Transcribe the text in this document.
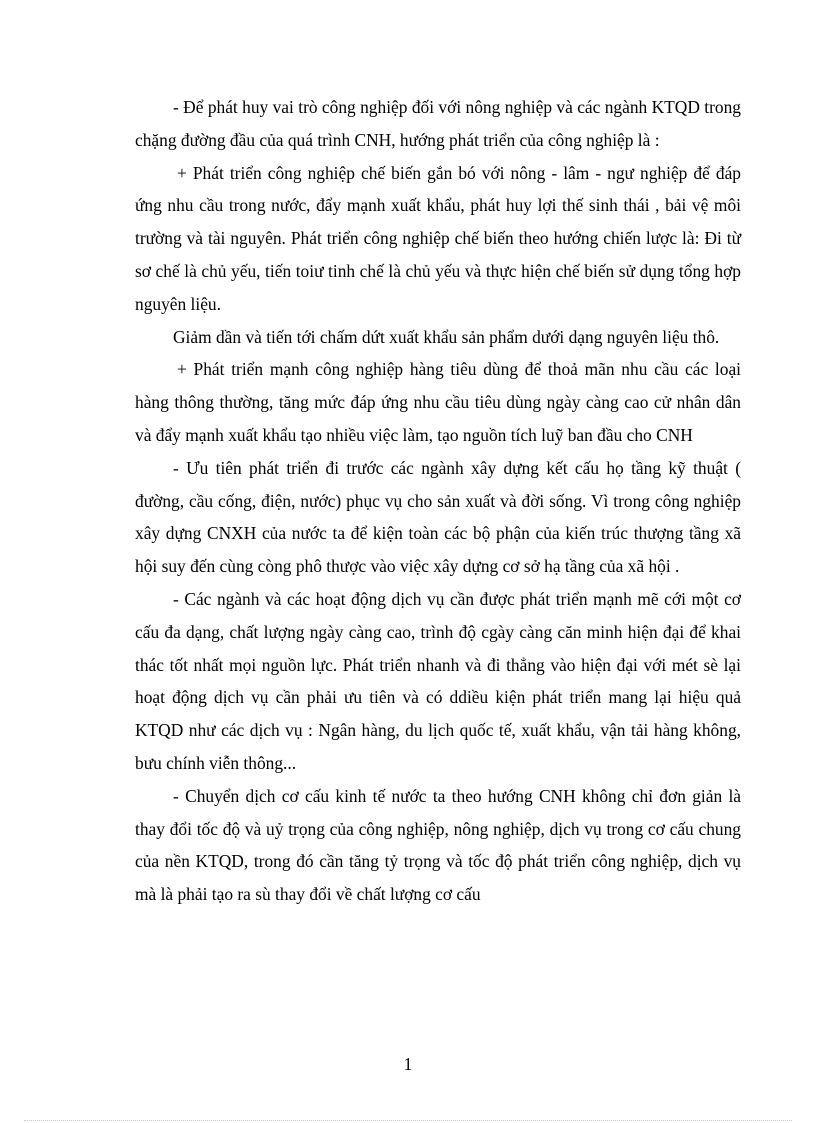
- Để phát huy vai trò công nghiệp đối với nông nghiệp và các ngành KTQD trong chặng đường đầu của quá trình CNH, hướng phát triển của công nghiệp là :

+ Phát triển công nghiệp chế biến gắn bó với nông - lâm - ngư nghiệp để đáp ứng nhu cầu trong nước, đẩy mạnh xuất khẩu, phát huy lợi thế sinh thái , bải vệ môi trường và tài nguyên. Phát triển công nghiệp chế biến theo hướng chiến lược là: Đi từ sơ chế là chủ yếu, tiến toiư tinh chế là chủ yếu và thực hiện chế biến sử dụng tổng hợp nguyên liệu.

Giảm dần và tiến tới chấm dứt xuất khẩu sản phẩm dưới dạng nguyên liệu thô.

+ Phát triển mạnh công nghiệp hàng tiêu dùng để thoả mãn nhu cầu các loại hàng thông thường, tăng mức đáp ứng nhu cầu tiêu dùng ngày càng cao cử nhân dân và đẩy mạnh xuất khẩu tạo nhiều việc làm, tạo nguồn tích luỹ ban đầu cho CNH

- Ưu tiên phát triển đi trước các ngành xây dựng kết cấu họ tầng kỹ thuật ( đường, cầu cống, điện, nước) phục vụ cho sản xuất và đời sống. Vì trong công nghiệp xây dựng CNXH của nước ta để kiện toàn các bộ phận của kiến trúc thượng tầng xã hội suy đến cùng còng phô thược vào việc xây dựng cơ sở hạ tầng của xã hội .

- Các ngành và các hoạt động dịch vụ cần được phát triển mạnh mẽ cới một cơ cấu đa dạng, chất lượng ngày càng cao, trình độ cgày càng căn minh hiện đại để khai thác tốt nhất mọi nguồn lực. Phát triển nhanh và đi thẳng vào hiện đại với mét sè lại hoạt động dịch vụ cần phải ưu tiên và có ddiều kiện phát triển mang lại hiệu quả KTQD như các dịch vụ : Ngân hàng, du lịch quốc tế, xuất khẩu, vận tải hàng không, bưu chính viễn thông...

- Chuyển dịch cơ cấu kinh tế nước ta theo hướng CNH không chỉ đơn giản là thay đổi tốc độ và uỷ trọng của công nghiệp, nông nghiệp, dịch vụ trong cơ cấu chung của nền KTQD, trong đó cần tăng tỷ trọng và tốc độ phát triển công nghiệp, dịch vụ mà là phải tạo ra sù thay đổi về chất lượng cơ cấu

1
